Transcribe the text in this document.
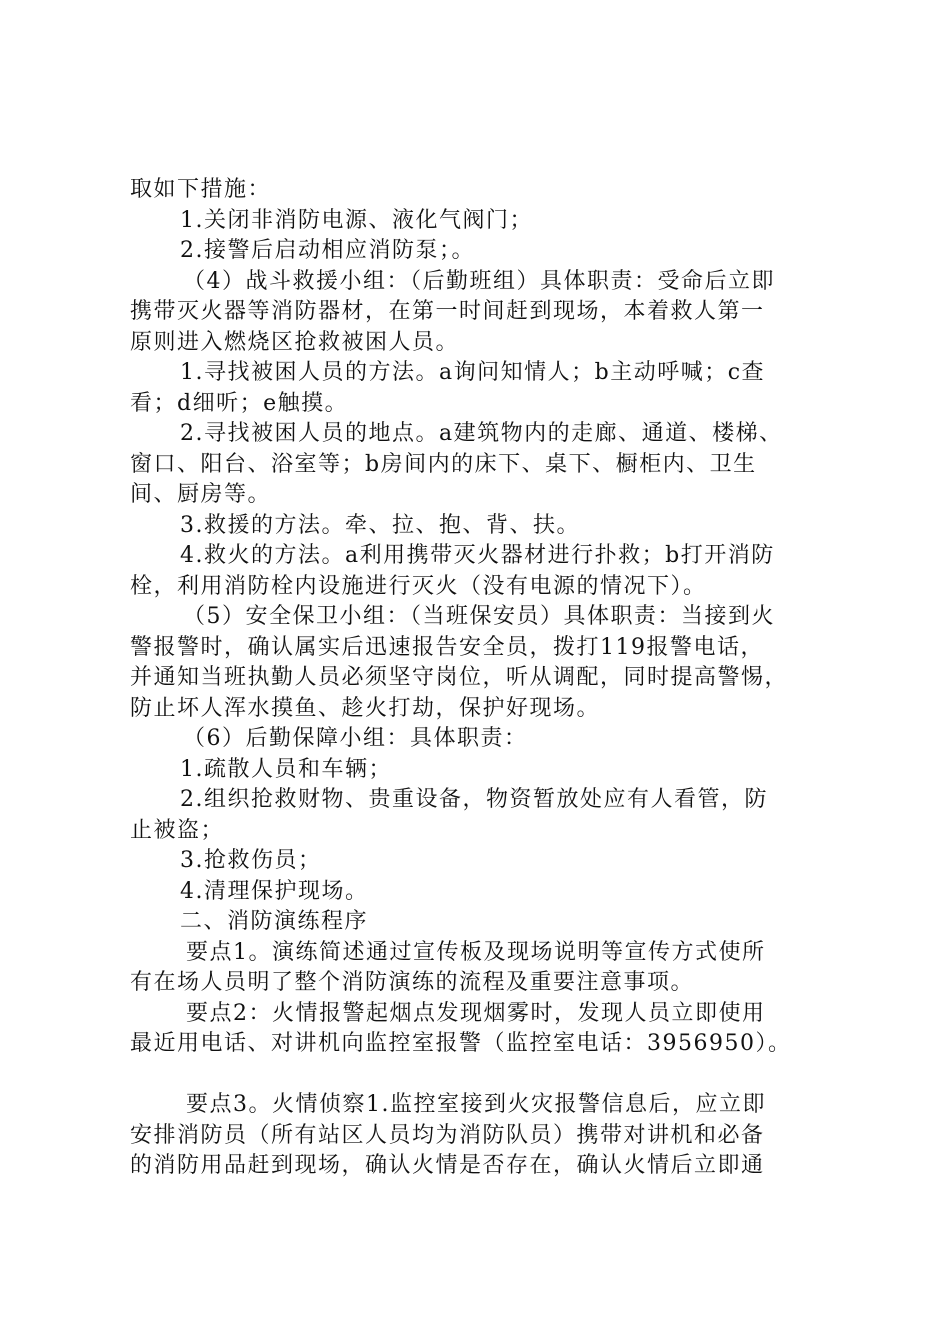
取如下措施：
1.关闭非消防电源、液化气阀门；
2.接警后启动相应消防泵；。
（4）战斗救援小组：（后勤班组）具体职责：受命后立即
携带灭火器等消防器材，在第一时间赶到现场，本着救人第一
原则进入燃烧区抢救被困人员。
1.寻找被困人员的方法。a询问知情人；b主动呼喊；c查
看；d细听；e触摸。
2.寻找被困人员的地点。a建筑物内的走廊、通道、楼梯、
窗口、阳台、浴室等；b房间内的床下、桌下、橱柜内、卫生
间、厨房等。
3.救援的方法。牵、拉、抱、背、扶。
4.救火的方法。a利用携带灭火器材进行扑救；b打开消防
栓，利用消防栓内设施进行灭火（没有电源的情况下）。
（5）安全保卫小组：（当班保安员）具体职责：当接到火
警报警时，确认属实后迅速报告安全员，拨打119报警电话，
并通知当班执勤人员必须坚守岗位，听从调配，同时提高警惕，
防止坏人浑水摸鱼、趁火打劫，保护好现场。
（6）后勤保障小组：具体职责：
1.疏散人员和车辆；
2.组织抢救财物、贵重设备，物资暂放处应有人看管，防
止被盗；
3.抢救伤员；
4.清理保护现场。
二、消防演练程序
要点1。演练简述通过宣传板及现场说明等宣传方式使所
有在场人员明了整个消防演练的流程及重要注意事项。
要点2：火情报警起烟点发现烟雾时，发现人员立即使用
最近用电话、对讲机向监控室报警（监控室电话：3956950）。
要点3。火情侦察1.监控室接到火灾报警信息后，应立即
安排消防员（所有站区人员均为消防队员）携带对讲机和必备
的消防用品赶到现场，确认火情是否存在，确认火情后立即通
